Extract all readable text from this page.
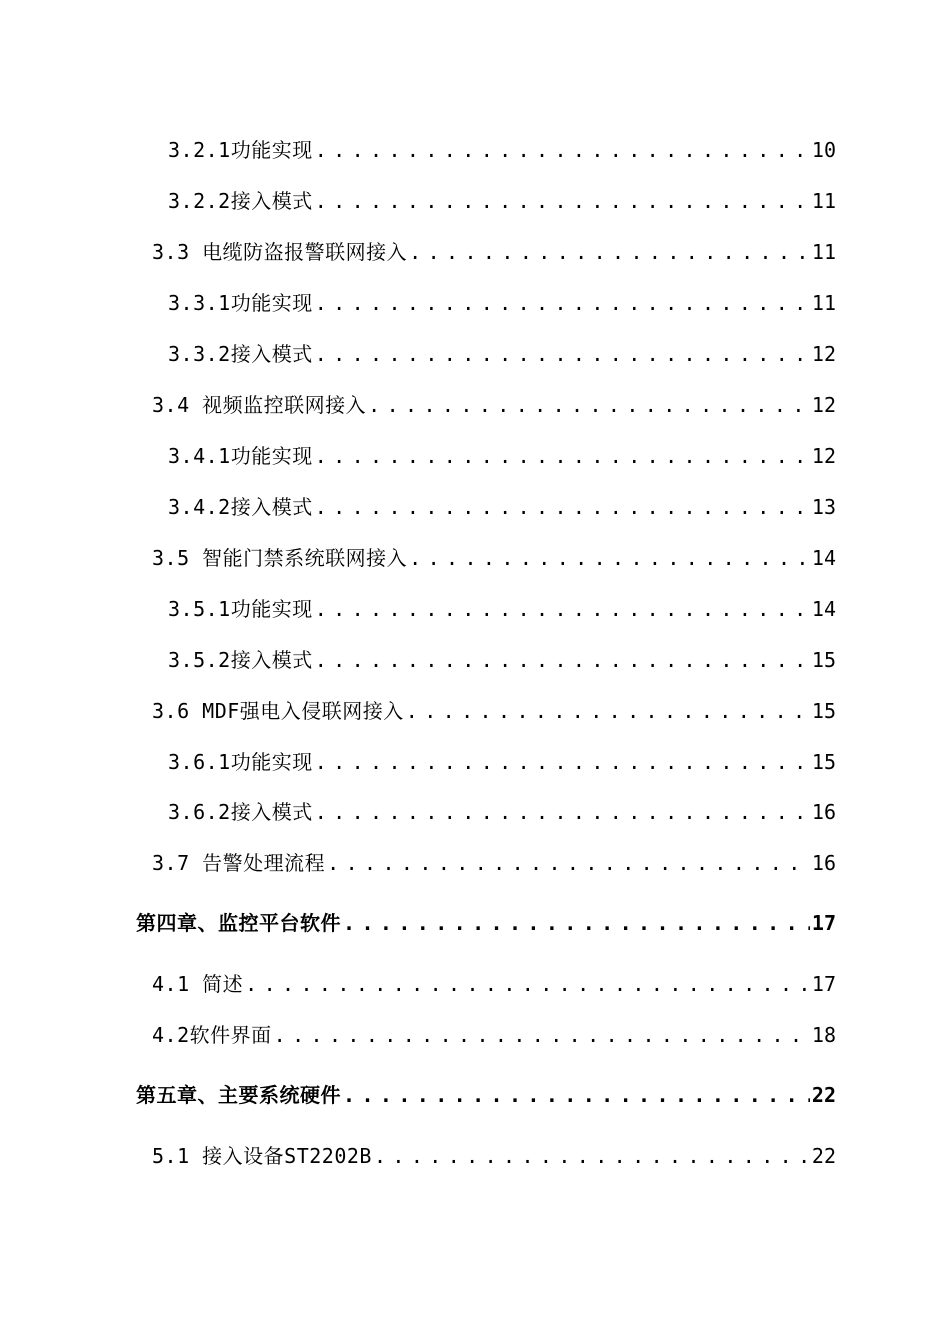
3.2.1功能实现 .....	10
3.2.2接入模式 .....	11
3.3 电缆防盗报警联网接入 .....	11
3.3.1功能实现 .....	11
3.3.2接入模式 .....	12
3.4 视频监控联网接入 .....	12
3.4.1功能实现 .....	12
3.4.2接入模式 .....	13
3.5 智能门禁系统联网接入 .....	14
3.5.1功能实现 .....	14
3.5.2接入模式 .....	15
3.6 MDF强电入侵联网接入 .....	15
3.6.1功能实现 .....	15
3.6.2接入模式 .....	16
3.7 告警处理流程 .....	16
第四章、监控平台软件 .....	17
4.1 简述 .....	17
4.2软件界面 .....	18
第五章、主要系统硬件 .....	22
5.1 接入设备ST2202B .....	22
